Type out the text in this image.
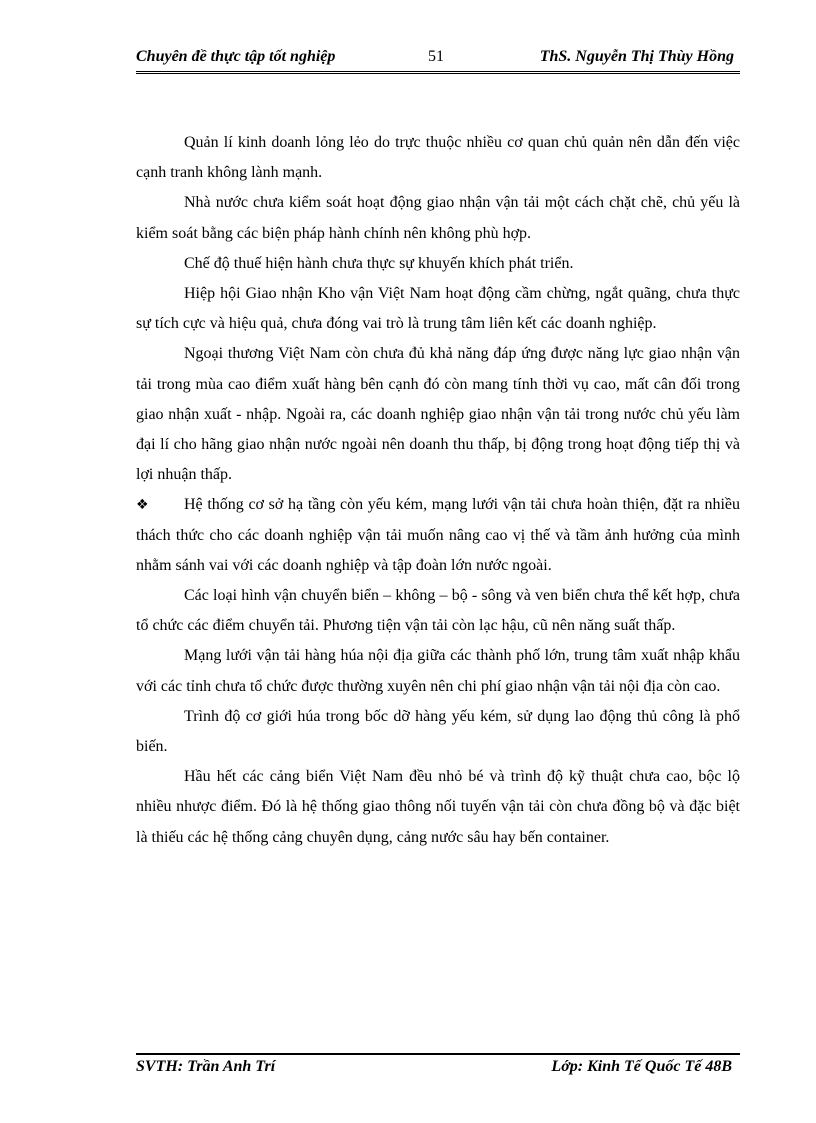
Chuyên đề thực tập tốt nghiệp	51	ThS. Nguyễn Thị Thùy Hồng

Quản lí kinh doanh lỏng lẻo do trực thuộc nhiều cơ quan chủ quản nên dẫn đến việc cạnh tranh không lành mạnh.

Nhà nước chưa kiểm soát hoạt động giao nhận vận tải một cách chặt chẽ, chủ yếu là kiểm soát bằng các biện pháp hành chính nên không phù hợp.

Chế độ thuế hiện hành chưa thực sự khuyến khích phát triển.

Hiệp hội Giao nhận Kho vận Việt Nam hoạt động cầm chừng, ngắt quãng, chưa thực sự tích cực và hiệu quả, chưa đóng vai trò là trung tâm liên kết các doanh nghiệp.

Ngoại thương Việt Nam còn chưa đủ khả năng đáp ứng được năng lực giao nhận vận tải trong mùa cao điểm xuất hàng bên cạnh đó còn mang tính thời vụ cao, mất cân đối trong giao nhận xuất - nhập. Ngoài ra, các doanh nghiệp giao nhận vận tải trong nước chủ yếu làm đại lí cho hãng giao nhận nước ngoài nên doanh thu thấp, bị động trong hoạt động tiếp thị và lợi nhuận thấp.

❖ Hệ thống cơ sở hạ tầng còn yếu kém, mạng lưới vận tải chưa hoàn thiện, đặt ra nhiều thách thức cho các doanh nghiệp vận tải muốn nâng cao vị thế và tầm ảnh hưởng của mình nhằm sánh vai với các doanh nghiệp và tập đoàn lớn nước ngoài.

Các loại hình vận chuyển biển – không – bộ - sông và ven biển chưa thể kết hợp, chưa tổ chức các điểm chuyển tải. Phương tiện vận tải còn lạc hậu, cũ nên năng suất thấp.

Mạng lưới vận tải hàng húa nội địa giữa các thành phố lớn, trung tâm xuất nhập khẩu với các tỉnh chưa tổ chức được thường xuyên nên chi phí giao nhận vận tải nội địa còn cao.

Trình độ cơ giới húa trong bốc dỡ hàng yếu kém, sử dụng lao động thủ công là phổ biến.

Hầu hết các cảng biển Việt Nam đều nhỏ bé và trình độ kỹ thuật chưa cao, bộc lộ nhiều nhược điểm. Đó là hệ thống giao thông nối tuyến vận tải còn chưa đồng bộ và đặc biệt là thiếu các hệ thống cảng chuyên dụng, cảng nước sâu hay bến container.

SVTH: Trần Anh Trí	Lớp: Kinh Tế Quốc Tế 48B
